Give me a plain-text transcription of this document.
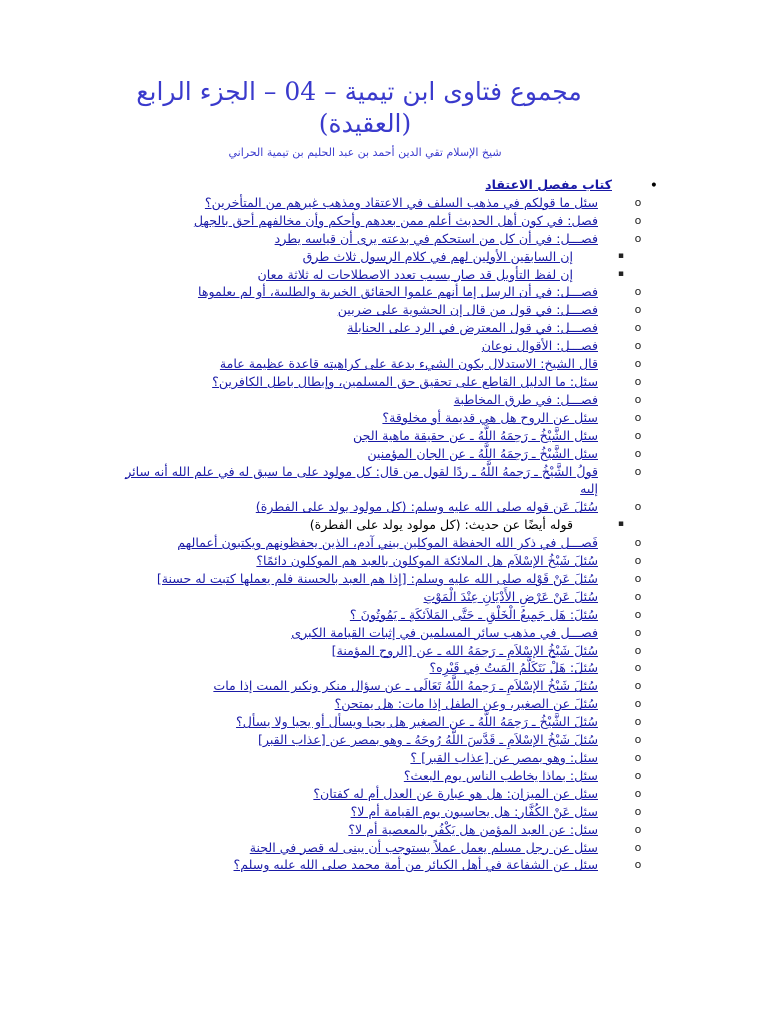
مجموع فتاوى ابن تيمية – 04 – الجزء الرابع
(العقيدة)
شيخ الإسلام تقي الدين أحمد بن عبد الحليم بن تيمية الحراني
•
كتاب مفصل الاعتقاد
o
سئل ما قولكم في مذهب السلف في الاعتقاد ومذهب غيرهم من المتأخرين؟
o
فصل: في كون أهل الحديث أعلم ممن بعدهم وأحكم وأن مخالفهم أحق بالجهل
o
فصـــل: في أن كل من استحكم في بدعته يرى أن قياسه يطرد
▪
إن السابقين الأولين لهم في كلام الرسول ثلاث طرق
▪
إن لفظ التأويل قد صار بسبب تعدد الاصطلاحات له ثلاثة معان
o
فصـــل: في أن الرسل إما أنهم علموا الحقائق الخبرية والطلبية، أو لم يعلموها
o
فصـــل: في قول من قال إن الحشوية على ضربين
o
فصـــل: في قول المعترض في الرد على الحنابلة
o
فصـــل: الأقوال نوعان
o
قال الشيخ: الاستدلال بكون الشيء بدعة على كراهيته قاعدة عظيمة عامة
o
سئل: ما الدليل القاطع على تحقيق حق المسلمين، وإبطال باطل الكافرين؟
o
فصـــل: في طرق المخاطبة
o
سئل عن الروح هل هي قديمة أو مخلوقة؟
o
سئل الشَّيْخُ ـ رَحِمَهُ اللَّهُ ـ عن حقيقة ماهية الجن
o
سئل الشَّيْخُ ـ رَحِمَهُ اللَّهُ ـ عن الجان المؤمنين
o
قولُ الشَّيْخُ ـ رَحِمهُ اللَّهُ ـ ردًا لقول من قال: كل مولود على ما سبق له في علم الله أنه سائر إليه
o
سُئلَ عَن قوله صلى الله عليه وسلم: (كل مولود يولد على الفطرة)
▪
قوله أيضًا عن حديث: (كل مولود يولد على الفطرة)
o
فَصـــل في ذكر الله الحفظة الموكلين ببني آدم، الذين يحفظونهم ويكتبون أعمالهم
o
سُئلَ شَيْخُ الإسْلاَم هل الملائكة الموكلون بالعبد هم الموكلون دائمًا؟
o
سُئلَ عَنْ قَوْله صلى الله عليه وسلم: [إذا هم العبد بالحسنة فلم يعملها كتبت له حسنة]
o
سُئلَ عَنْ عَرْضِ الأَدْيَانِ عِنْدَ الْمَوْتِ
o
سُئلَ: هَل جَمِيعُ الْخَلْقِ ـ حَتَّى المَلاَئكَةِ ـ يَمُوتُونَ ؟
o
فصـــل في مذهب سائر المسلمين في إثبات القيامة الكبرى
o
سُئلَ شَيْخُ الإسْلاَمِ ـ رَحِمَهُ الله ـ عن [الروح المؤمنة]
o
سُئلَ: هَلْ يَتَكَلَّمُ المَيتُ فِي قَبْرِه؟
o
سُئلَ شَيْخُ الإسْلاَمِ ـ رَحِمهُ اللَّهُ تَعَالَى ـ عن سؤال منكر ونكير الميت إذا مات
o
سُئلَ عن الصغير، وعن الطفل إذا مات: هل يمتحن؟
o
سُئلَ الشَّيْخُ ـ رَحِمَهُ اللَّهُ ـ عن الصغير هل يحيا ويسأل أو يحيا ولا يسأل؟
o
سُئلَ شَيْخُ الإسْلاَمِ ـ قَدَّسَ اللَّهُ رُوحَهُ ـ وهو بمصر عن [عذاب القبر]
o
سئل: وهو بمصر عن [عذاب القبر] ؟
o
سئل: بماذا يخاطب الناس يوم البعث؟
o
سئل عن الميزان: هل هو عبارة عن العدل أم له كفتان؟
o
سئل عَنْ الكُفَّار: هل يحاسبون يوم القيامة أم لا؟
o
سئل: عن العبد المؤمن هل يَكْفُر بالمعصية أم لا؟
o
سئل عن رجل مسلم يعمل عملاً يستوجب أن يبنى له قصر في الجنة
o
سئل عن الشفاعة في أهل الكبائر من أمة محمد صلى الله عليه وسلم؟
